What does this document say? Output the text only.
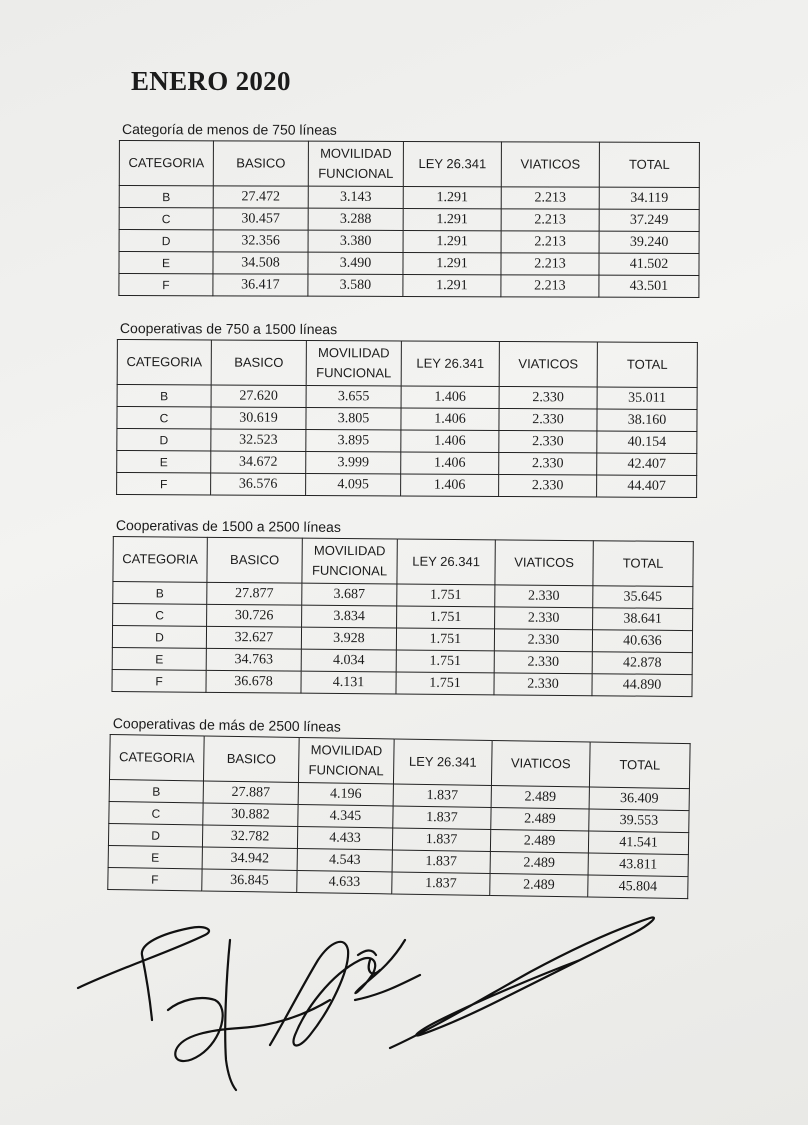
ENERO 2020
Categoría de menos de 750 líneas
CATEGORIA	BASICO	MOVILIDAD FUNCIONAL	LEY 26.341	VIATICOS	TOTAL
B	27.472	3.143	1.291	2.213	34.119
C	30.457	3.288	1.291	2.213	37.249
D	32.356	3.380	1.291	2.213	39.240
E	34.508	3.490	1.291	2.213	41.502
F	36.417	3.580	1.291	2.213	43.501
Cooperativas de 750 a 1500 líneas
CATEGORIA	BASICO	MOVILIDAD FUNCIONAL	LEY 26.341	VIATICOS	TOTAL
B	27.620	3.655	1.406	2.330	35.011
C	30.619	3.805	1.406	2.330	38.160
D	32.523	3.895	1.406	2.330	40.154
E	34.672	3.999	1.406	2.330	42.407
F	36.576	4.095	1.406	2.330	44.407
Cooperativas de 1500 a 2500 líneas
CATEGORIA	BASICO	MOVILIDAD FUNCIONAL	LEY 26.341	VIATICOS	TOTAL
B	27.877	3.687	1.751	2.330	35.645
C	30.726	3.834	1.751	2.330	38.641
D	32.627	3.928	1.751	2.330	40.636
E	34.763	4.034	1.751	2.330	42.878
F	36.678	4.131	1.751	2.330	44.890
Cooperativas de más de 2500 líneas
CATEGORIA	BASICO	MOVILIDAD FUNCIONAL	LEY 26.341	VIATICOS	TOTAL
B	27.887	4.196	1.837	2.489	36.409
C	30.882	4.345	1.837	2.489	39.553
D	32.782	4.433	1.837	2.489	41.541
E	34.942	4.543	1.837	2.489	43.811
F	36.845	4.633	1.837	2.489	45.804
